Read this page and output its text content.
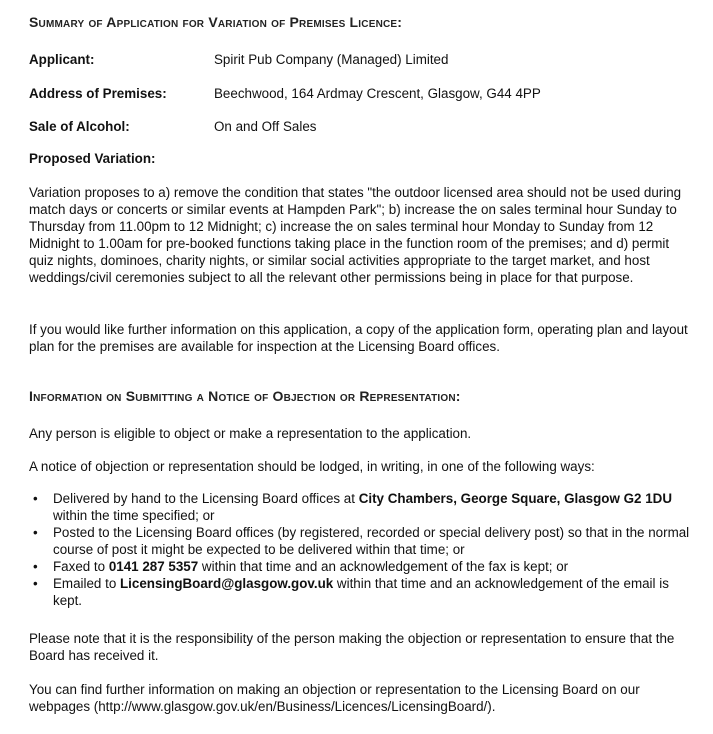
Summary of Application for Variation of Premises Licence:
Applicant:	Spirit Pub Company (Managed) Limited
Address of Premises:	Beechwood, 164 Ardmay Crescent, Glasgow, G44 4PP
Sale of Alcohol:	On and Off Sales
Proposed Variation:

Variation proposes to a) remove the condition that states "the outdoor licensed area should not be used during match days or concerts or similar events at Hampden Park"; b) increase the on sales terminal hour Sunday to Thursday from 11.00pm to 12 Midnight; c) increase the on sales terminal hour Monday to Sunday from 12 Midnight to 1.00am for pre-booked functions taking place in the function room of the premises; and d) permit quiz nights, dominoes, charity nights, or similar social activities appropriate to the target market, and host weddings/civil ceremonies subject to all the relevant other permissions being in place for that purpose.

If you would like further information on this application, a copy of the application form, operating plan and layout plan for the premises are available for inspection at the Licensing Board offices.

Information on Submitting a Notice of Objection or Representation:

Any person is eligible to object or make a representation to the application.

A notice of objection or representation should be lodged, in writing, in one of the following ways:

• Delivered by hand to the Licensing Board offices at City Chambers, George Square, Glasgow G2 1DU within the time specified; or
• Posted to the Licensing Board offices (by registered, recorded or special delivery post) so that in the normal course of post it might be expected to be delivered within that time; or
• Faxed to 0141 287 5357 within that time and an acknowledgement of the fax is kept; or
• Emailed to LicensingBoard@glasgow.gov.uk within that time and an acknowledgement of the email is kept.

Please note that it is the responsibility of the person making the objection or representation to ensure that the Board has received it.

You can find further information on making an objection or representation to the Licensing Board on our webpages (http://www.glasgow.gov.uk/en/Business/Licences/LicensingBoard/).
